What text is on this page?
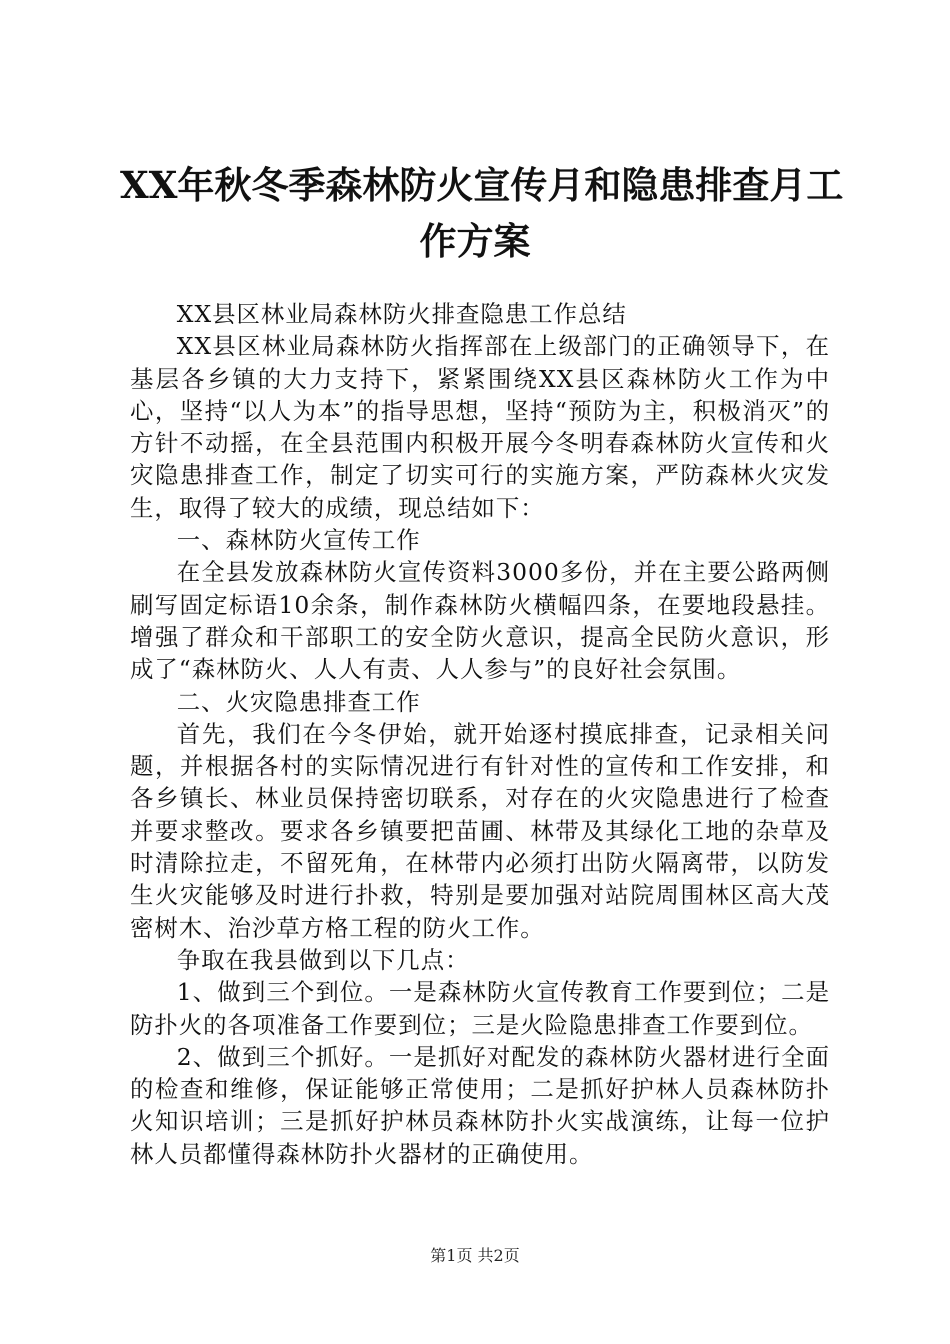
XX年秋冬季森林防火宣传月和隐患排查月工
作方案

XX县区林业局森林防火排查隐患工作总结

XX县区林业局森林防火指挥部在上级部门的正确领导下，在基层各乡镇的大力支持下，紧紧围绕XX县区森林防火工作为中心，坚持“以人为本”的指导思想，坚持“预防为主，积极消灭”的方针不动摇，在全县范围内积极开展今冬明春森林防火宣传和火灾隐患排查工作，制定了切实可行的实施方案，严防森林火灾发生，取得了较大的成绩，现总结如下：

一、森林防火宣传工作

在全县发放森林防火宣传资料3000多份，并在主要公路两侧刷写固定标语10余条，制作森林防火横幅四条，在要地段悬挂。增强了群众和干部职工的安全防火意识，提高全民防火意识，形成了“森林防火、人人有责、人人参与”的良好社会氛围。

二、火灾隐患排查工作

首先，我们在今冬伊始，就开始逐村摸底排查，记录相关问题，并根据各村的实际情况进行有针对性的宣传和工作安排，和各乡镇长、林业员保持密切联系，对存在的火灾隐患进行了检查并要求整改。要求各乡镇要把苗圃、林带及其绿化工地的杂草及时清除拉走，不留死角，在林带内必须打出防火隔离带，以防发生火灾能够及时进行扑救，特别是要加强对站院周围林区高大茂密树木、治沙草方格工程的防火工作。

争取在我县做到以下几点：

1、做到三个到位。一是森林防火宣传教育工作要到位；二是防扑火的各项准备工作要到位；三是火险隐患排查工作要到位。

2、做到三个抓好。一是抓好对配发的森林防火器材进行全面的检查和维修，保证能够正常使用；二是抓好护林人员森林防扑火知识培训；三是抓好护林员森林防扑火实战演练，让每一位护林人员都懂得森林防扑火器材的正确使用。

第1页 共2页
